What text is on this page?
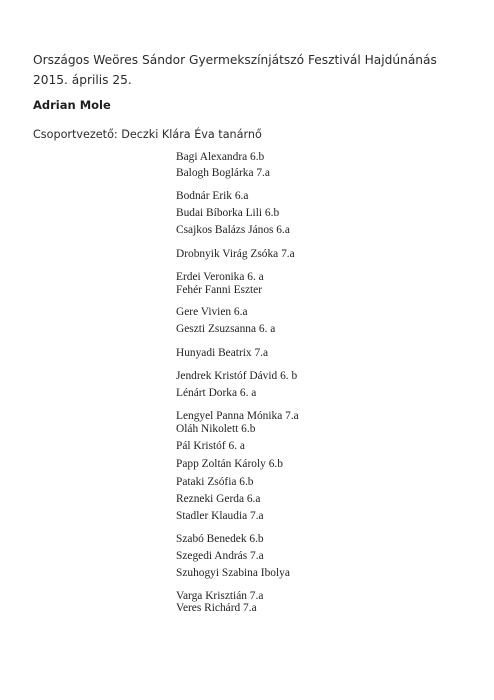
Országos Weöres Sándor Gyermekszínjátszó Fesztivál Hajdúnánás 2015. április 25.
Adrian Mole
Csoportvezető: Deczki Klára Éva tanárnő
Bagi Alexandra 6.b
Balogh Boglárka 7.a
Bodnár Erik 6.a
Budai Bíborka Lili 6.b
Csajkos Balázs János 6.a
Drobnyik Virág Zsóka 7.a
Erdei Veronika 6. a
Fehér Fanni Eszter
Gere Vivien 6.a
Geszti Zsuzsanna 6. a
Hunyadi Beatrix 7.a
Jendrek Kristóf Dávid 6. b
Lénárt Dorka 6. a
Lengyel Panna Mónika 7.a
Oláh Nikolett 6.b
Pál Kristóf 6. a
Papp Zoltán Károly 6.b
Pataki Zsófia 6.b
Rezneki Gerda 6.a
Stadler Klaudia 7.a
Szabó Benedek 6.b
Szegedi András 7.a
Szuhogyi Szabina Ibolya
Varga Krisztián 7.a
Veres Richárd 7.a
